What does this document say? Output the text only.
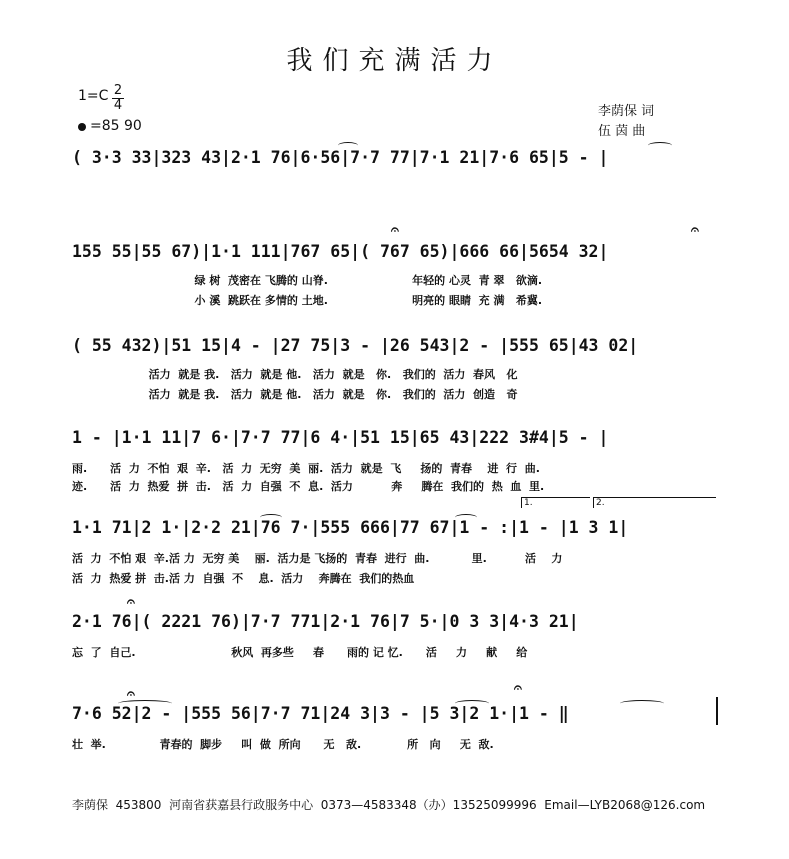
我们充满活力
1=C 2
4
=85 90
李荫保 词
伍 茵 曲
( 3·3 33|323 43|2·1 76|6·56|7·7 77|7·1 21|7·6 65|5 - |
155 55|55 67)|1·1 111|767 65|( 767 65)|666 66|5654 32|
绿 树  茂密在 飞腾的 山脊.                      年轻的 心灵  青 翠   欲滴.
小 溪  跳跃在 多情的 土地.                      明亮的 眼睛  充 满   希冀.
( 55 432)|51 15|4 - |27 75|3 - |26 543|2 - |555 65|43 02|
活力  就是 我.   活力  就是 他.   活力  就是   你.   我们的  活力  春风   化
活力  就是 我.   活力  就是 他.   活力  就是   你.   我们的  活力  创造   奇
1 - |1·1 11|7 6·|7·7 77|6 4·|51 15|65 43|222 3#4|5 - |
雨.      活  力  不怕  艰  辛.   活  力  无穷  美  丽.  活力  就是  飞     扬的  青春    进  行  曲.
迹.      活  力  热爱  拼  击.   活  力  自强  不  息.  活力          奔     腾在  我们的  热  血  里.
1.	2.
1·1 71|2 1·|2·2 21|76 7·|555 666|77 67|1 - :|1 - |1 3 1|
活  力  不怕 艰  辛.活 力  无穷 美    丽.  活力是 飞扬的  青春  进行  曲.           里.          活    力
活  力  热爱 拼  击.活 力  自强  不    息.  活力    奔腾在  我们的热血
2·1 76|( 2221 76)|7·7 771|2·1 76|7 5·|0 3 3|4·3 21|
忘  了  自己.                         秋风  再多些     春      雨的 记 忆.      活     力     献     给
7·6 52|2 - |555 56|7·7 71|24 3|3 - |5 3|2 1·|1 - ‖
壮  举.              青春的  脚步     叫  做  所向      无   敌.            所   向     无  敌.
𝄐	𝄐
𝄐
𝄐	𝄐
李荫保  453800  河南省获嘉县行政服务中心  0373—4583348（办）13525099996  Email—LYB2068@126.com
